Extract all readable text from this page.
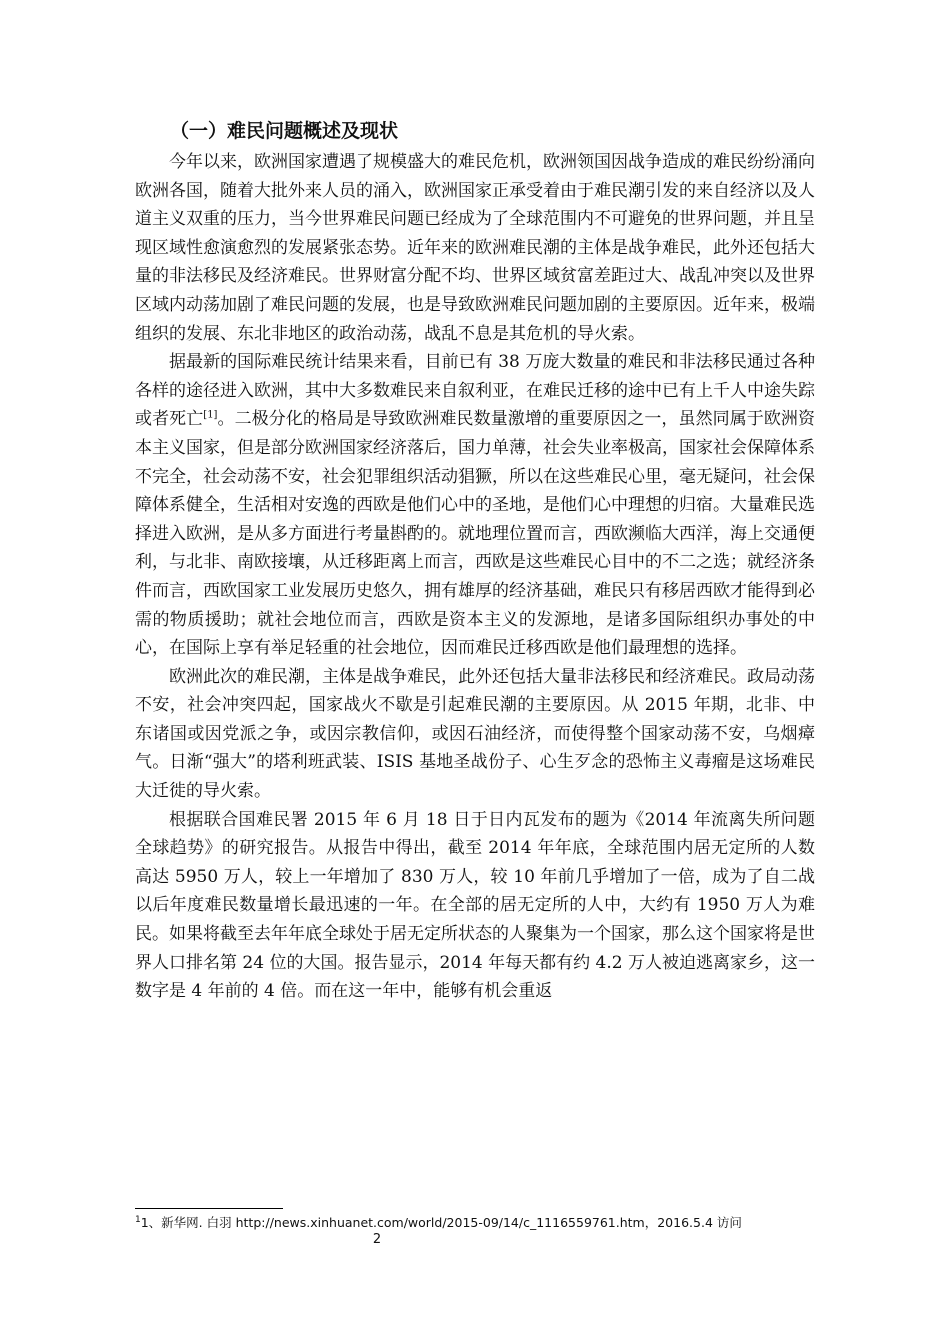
（一）难民问题概述及现状

今年以来，欧洲国家遭遇了规模盛大的难民危机，欧洲领国因战争造成的难民纷纷涌向欧洲各国，随着大批外来人员的涌入，欧洲国家正承受着由于难民潮引发的来自经济以及人道主义双重的压力，当今世界难民问题已经成为了全球范围内不可避免的世界问题，并且呈现区域性愈演愈烈的发展紧张态势。近年来的欧洲难民潮的主体是战争难民，此外还包括大量的非法移民及经济难民。世界财富分配不均、世界区域贫富差距过大、战乱冲突以及世界区域内动荡加剧了难民问题的发展，也是导致欧洲难民问题加剧的主要原因。近年来，极端组织的发展、东北非地区的政治动荡，战乱不息是其危机的导火索。

据最新的国际难民统计结果来看，目前已有 38 万庞大数量的难民和非法移民通过各种各样的途径进入欧洲，其中大多数难民来自叙利亚，在难民迁移的途中已有上千人中途失踪或者死亡[1]。二极分化的格局是导致欧洲难民数量激增的重要原因之一，虽然同属于欧洲资本主义国家，但是部分欧洲国家经济落后，国力单薄，社会失业率极高，国家社会保障体系不完全，社会动荡不安，社会犯罪组织活动猖獗，所以在这些难民心里，毫无疑问，社会保障体系健全，生活相对安逸的西欧是他们心中的圣地，是他们心中理想的归宿。大量难民选择进入欧洲，是从多方面进行考量斟酌的。就地理位置而言，西欧濒临大西洋，海上交通便利，与北非、南欧接壤，从迁移距离上而言，西欧是这些难民心目中的不二之选；就经济条件而言，西欧国家工业发展历史悠久，拥有雄厚的经济基础，难民只有移居西欧才能得到必需的物质援助；就社会地位而言，西欧是资本主义的发源地，是诸多国际组织办事处的中心，在国际上享有举足轻重的社会地位，因而难民迁移西欧是他们最理想的选择。

欧洲此次的难民潮，主体是战争难民，此外还包括大量非法移民和经济难民。政局动荡不安，社会冲突四起，国家战火不歇是引起难民潮的主要原因。从 2015 年期，北非、中东诸国或因党派之争，或因宗教信仰，或因石油经济，而使得整个国家动荡不安，乌烟瘴气。日渐“强大”的塔利班武装、ISIS 基地圣战份子、心生歹念的恐怖主义毒瘤是这场难民大迁徙的导火索。

根据联合国难民署 2015 年 6 月 18 日于日内瓦发布的题为《2014 年流离失所问题全球趋势》的研究报告。从报告中得出，截至 2014 年年底，全球范围内居无定所的人数高达 5950 万人，较上一年增加了 830 万人，较 10 年前几乎增加了一倍，成为了自二战以后年度难民数量增长最迅速的一年。在全部的居无定所的人中，大约有 1950 万人为难民。如果将截至去年年底全球处于居无定所状态的人聚集为一个国家，那么这个国家将是世界人口排名第 24 位的大国。报告显示，2014 年每天都有约 4.2 万人被迫逃离家乡，这一数字是 4 年前的 4 倍。而在这一年中，能够有机会重返

$^1$1、新华网. 白羽 http://news.xinhuanet.com/world/2015-09/14/c_1116559761.htm，2016.5.4 访问

2
